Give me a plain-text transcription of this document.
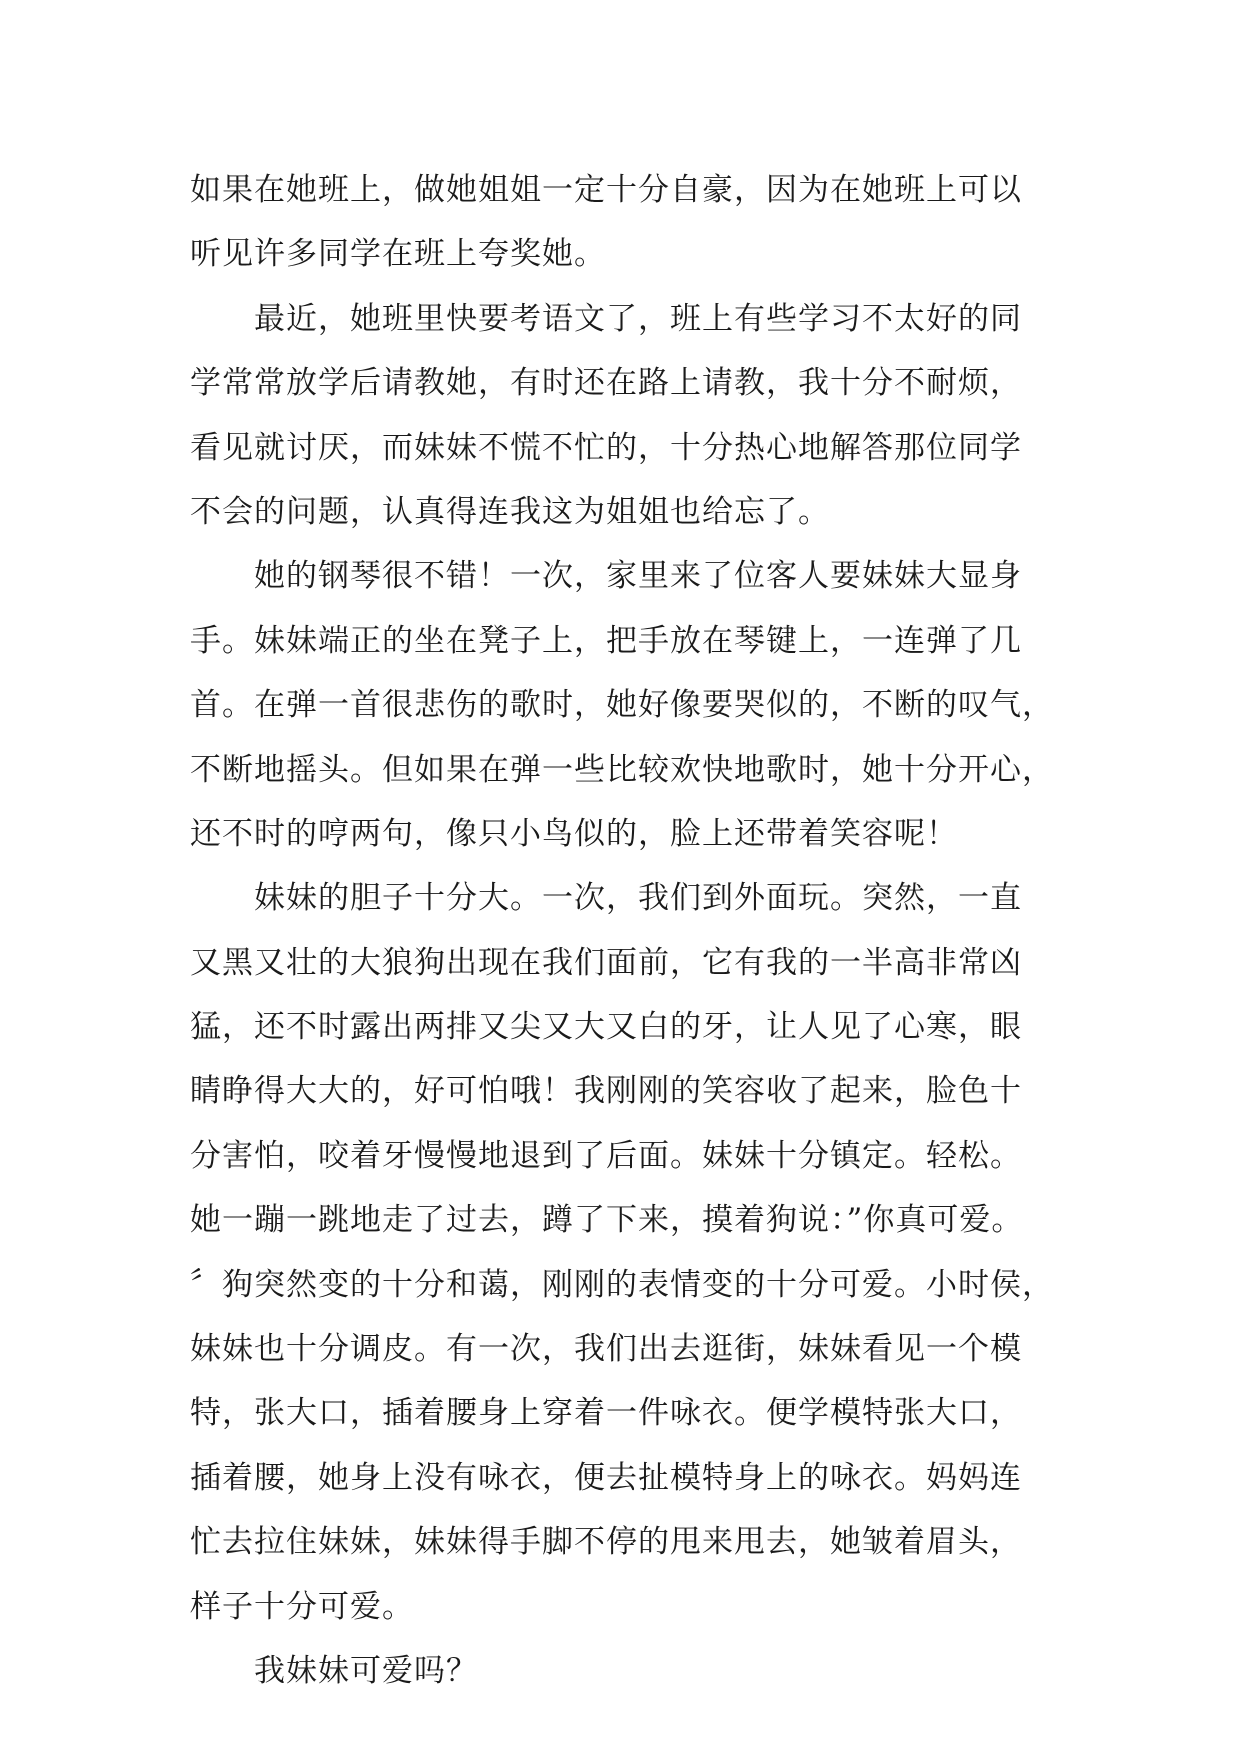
如果在她班上，做她姐姐一定十分自豪，因为在她班上可以
听见许多同学在班上夸奖她。
最近，她班里快要考语文了，班上有些学习不太好的同
学常常放学后请教她，有时还在路上请教，我十分不耐烦，
看见就讨厌，而妹妹不慌不忙的，十分热心地解答那位同学
不会的问题，认真得连我这为姐姐也给忘了。
她的钢琴很不错！一次，家里来了位客人要妹妹大显身
手。妹妹端正的坐在凳子上，把手放在琴键上，一连弹了几
首。在弹一首很悲伤的歌时，她好像要哭似的，不断的叹气，
不断地摇头。但如果在弹一些比较欢快地歌时，她十分开心，
还不时的哼两句，像只小鸟似的，脸上还带着笑容呢！
妹妹的胆子十分大。一次，我们到外面玩。突然，一直
又黑又壮的大狼狗出现在我们面前，它有我的一半高非常凶
猛，还不时露出两排又尖又大又白的牙，让人见了心寒，眼
睛睁得大大的，好可怕哦！我刚刚的笑容收了起来，脸色十
分害怕，咬着牙慢慢地退到了后面。妹妹十分镇定。轻松。
她一蹦一跳地走了过去，蹲了下来，摸着狗说：”你真可爱。
〞狗突然变的十分和蔼，刚刚的表情变的十分可爱。小时侯，
妹妹也十分调皮。有一次，我们出去逛街，妹妹看见一个模
特，张大口，插着腰身上穿着一件咏衣。便学模特张大口，
插着腰，她身上没有咏衣，便去扯模特身上的咏衣。妈妈连
忙去拉住妹妹，妹妹得手脚不停的甩来甩去，她皱着眉头，
样子十分可爱。
我妹妹可爱吗？
